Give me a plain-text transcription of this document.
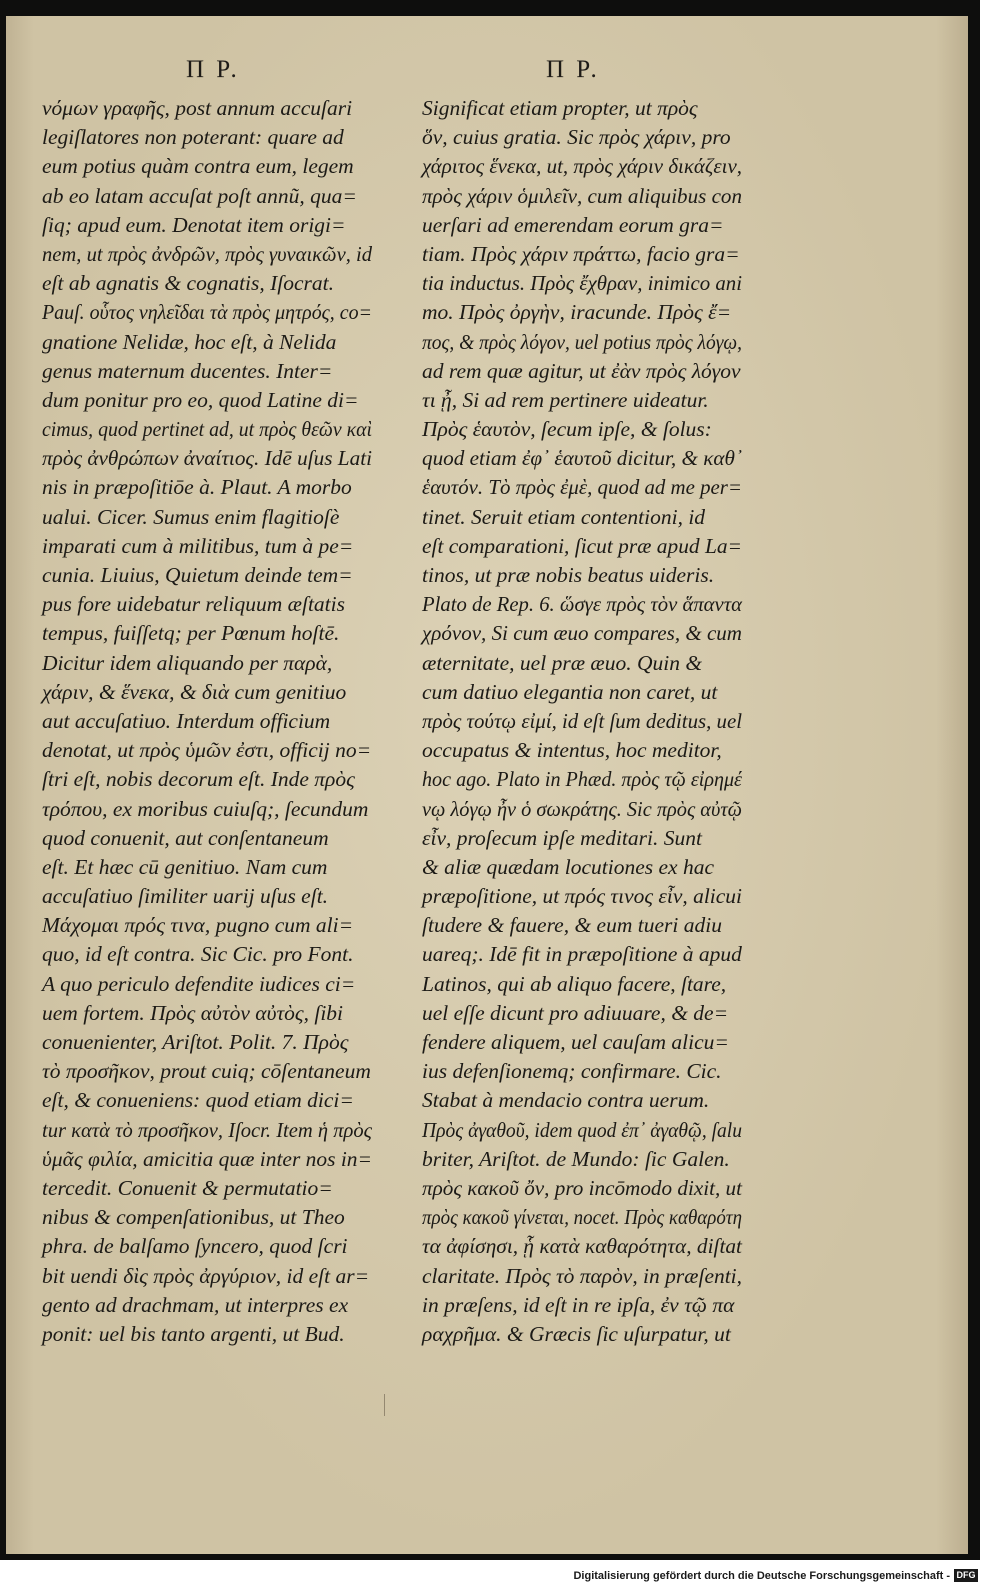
Π Ρ.	Π Ρ.
νόμων γραφῆς, post annum accuſari
legiſlatores non poterant: quare ad
eum potius quàm contra eum, legem
ab eo latam accuſat poſt annũ, qua=
ſiq; apud eum. Denotat item origi=
nem, ut πρὸς ἀνδρῶν, πρὸς γυναικῶν, id
eſt ab agnatis & cognatis, Iſocrat.
Pauſ. οὗτος νηλεῖδαι τὰ πρὸς μητρός, co=
gnatione Nelidæ, hoc eſt, à Nelida
genus maternum ducentes. Inter=
dum ponitur pro eo, quod Latine di=
cimus, quod pertinet ad, ut πρὸς θεῶν καὶ
πρὸς ἀνθρώπων ἀναίτιος. Idē uſus Lati
nis in præpoſitiōe à. Plaut. A morbo
ualui. Cicer. Sumus enim flagitioſè
imparati cum à militibus, tum à pe=
cunia. Liuius, Quietum deinde tem=
pus fore uidebatur reliquum æſtatis
tempus, fuiſſetq; per Pœnum hoſtē.
Dicitur idem aliquando per παρὰ,
χάριν, & ἕνεκα, & διὰ cum genitiuo
aut accuſatiuo. Interdum officium
denotat, ut πρὸς ὑμῶν ἐστι, officij no=
ſtri eſt, nobis decorum eſt. Inde πρὸς
τρόπου, ex moribus cuiuſq;, ſecundum
quod conuenit, aut conſentaneum
eſt. Et hæc cū genitiuo. Nam cum
accuſatiuo ſimiliter uarij uſus eſt.
Μάχομαι πρός τινα, pugno cum ali=
quo, id eſt contra. Sic Cic. pro Font.
A quo periculo defendite iudices ci=
uem fortem. Πρὸς αὐτὸν αὐτὸς, ſibi
conuenienter, Ariſtot. Polit. 7. Πρὸς
τὸ προσῆκον, prout cuiq; cōſentaneum
eſt, & conueniens: quod etiam dici=
tur κατὰ τὸ προσῆκον, Iſocr. Item ἡ πρὸς
ὑμᾶς φιλία, amicitia quæ inter nos in=
tercedit. Conuenit & permutatio=
nibus & compenſationibus, ut Theo
phra. de balſamo ſyncero, quod ſcri
bit uendi δὶς πρὸς ἀργύριον, id eſt ar=
gento ad drachmam, ut interpres ex
ponit: uel bis tanto argenti, ut Bud.
Significat etiam propter, ut πρὸς
ὅν, cuius gratia. Sic πρὸς χάριν, pro
χάριτος ἕνεκα, ut, πρὸς χάριν δικάζειν,
πρὸς χάριν ὁμιλεῖν, cum aliquibus con
uerſari ad emerendam eorum gra=
tiam. Πρὸς χάριν πράττω, facio gra=
tia inductus. Πρὸς ἔχθραν, inimico ani
mo. Πρὸς ὀργὴν, iracunde. Πρὸς ἔ=
πος, & πρὸς λόγον, uel potius πρὸς λόγῳ,
ad rem quæ agitur, ut ἐὰν πρὸς λόγον
τι ᾖ, Si ad rem pertinere uideatur.
Πρὸς ἑαυτὸν, ſecum ipſe, & ſolus:
quod etiam ἐφ᾽ ἑαυτοῦ dicitur, & καθ᾽
ἑαυτόν. Τὸ πρὸς ἐμὲ, quod ad me per=
tinet. Seruit etiam contentioni, id
eſt comparationi, ſicut præ apud La=
tinos, ut præ nobis beatus uideris.
Plato de Rep. 6. ὥσγε πρὸς τὸν ἅπαντα
χρόνον, Si cum æuo compares, & cum
æternitate, uel præ æuo. Quin &
cum datiuo elegantia non caret, ut
πρὸς τούτῳ εἰμί, id eſt ſum deditus, uel
occupatus & intentus, hoc meditor,
hoc ago. Plato in Phæd. πρὸς τῷ εἰρημέ
νῳ λόγῳ ἦν ὁ σωκράτης. Sic πρὸς αὐτῷ
εἶν, proſecum ipſe meditari. Sunt
& aliæ quædam locutiones ex hac
præpoſitione, ut πρός τινος εἶν, alicui
ſtudere & fauere, & eum tueri adiu
uareq;. Idē fit in præpoſitione à apud
Latinos, qui ab aliquo facere, ſtare,
uel eſſe dicunt pro adiuuare, & de=
fendere aliquem, uel cauſam alicu=
ius defenſionemq; confirmare. Cic.
Stabat à mendacio contra uerum.
Πρὸς ἀγαθοῦ, idem quod ἐπ᾽ ἀγαθῷ, ſalu
briter, Ariſtot. de Mundo: ſic Galen.
πρὸς κακοῦ ὄν, pro incōmodo dixit, ut
πρὸς κακοῦ γίνεται, nocet. Πρὸς καθαρότη
τα ἀφίσησι, ᾗ κατὰ καθαρότητα, diſtat
claritate. Πρὸς τὸ παρὸν, in præſenti,
in præſens, id eſt in re ipſa, ἐν τῷ πα
ραχρῆμα. & Græcis ſic uſurpatur, ut
Digitalisierung gefördert durch die Deutsche Forschungsgemeinschaft - DFG
